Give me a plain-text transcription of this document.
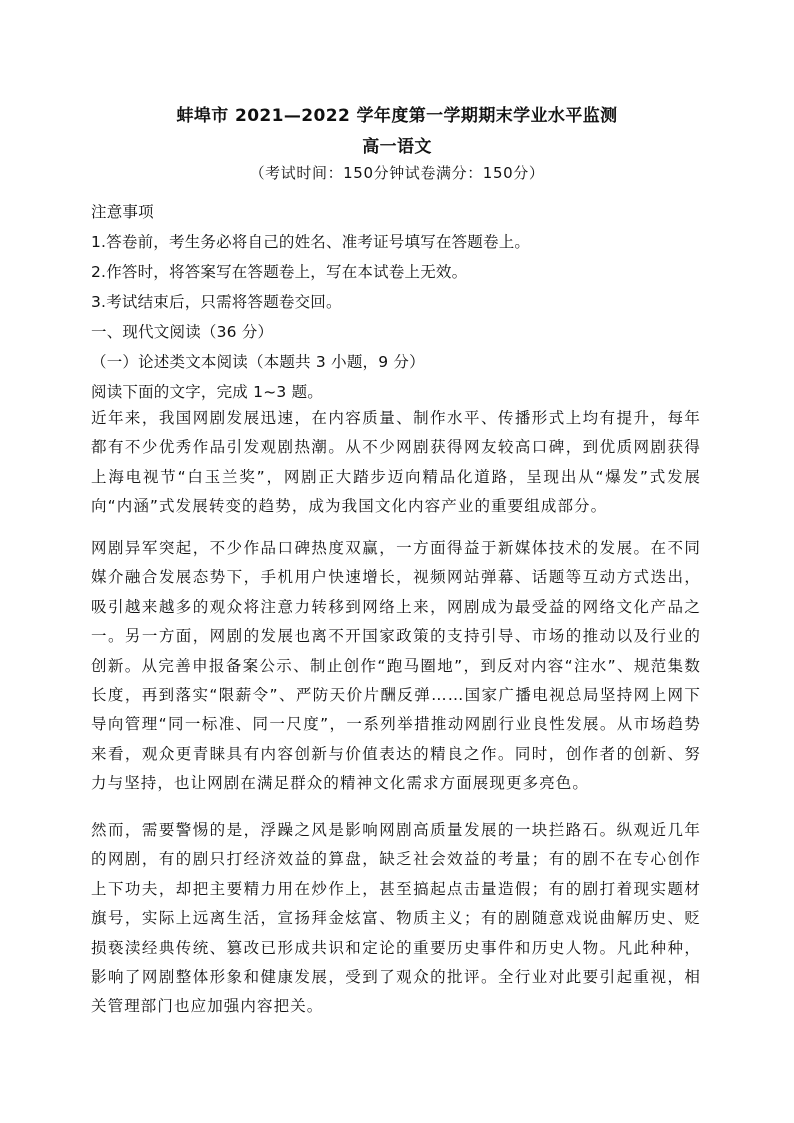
蚌埠市 2021—2022 学年度第一学期期末学业水平监测
高一语文
（考试时间：150分钟试卷满分：150分）
注意事项
1.答卷前，考生务必将自己的姓名、准考证号填写在答题卷上。
2.作答时，将答案写在答题卷上，写在本试卷上无效。
3.考试结束后，只需将答题卷交回。
一、现代文阅读（36 分）
（一）论述类文本阅读（本题共 3 小题，9 分）
阅读下面的文字，完成 1~3 题。
近年来，我国网剧发展迅速，在内容质量、制作水平、传播形式上均有提升，每年都有不少优秀作品引发观剧热潮。从不少网剧获得网友较高口碑，到优质网剧获得上海电视节“白玉兰奖”，网剧正大踏步迈向精品化道路，呈现出从“爆发”式发展向“内涵”式发展转变的趋势，成为我国文化内容产业的重要组成部分。
网剧异军突起，不少作品口碑热度双赢，一方面得益于新媒体技术的发展。在不同媒介融合发展态势下，手机用户快速增长，视频网站弹幕、话题等互动方式迭出，吸引越来越多的观众将注意力转移到网络上来，网剧成为最受益的网络文化产品之一。另一方面，网剧的发展也离不开国家政策的支持引导、市场的推动以及行业的创新。从完善申报备案公示、制止创作“跑马圈地”，到反对内容“注水”、规范集数长度，再到落实“限薪令”、严防天价片酬反弹……国家广播电视总局坚持网上网下导向管理“同一标准、同一尺度”，一系列举措推动网剧行业良性发展。从市场趋势来看，观众更青睐具有内容创新与价值表达的精良之作。同时，创作者的创新、努力与坚持，也让网剧在满足群众的精神文化需求方面展现更多亮色。
然而，需要警惕的是，浮躁之风是影响网剧高质量发展的一块拦路石。纵观近几年的网剧，有的剧只打经济效益的算盘，缺乏社会效益的考量；有的剧不在专心创作上下功夫，却把主要精力用在炒作上，甚至搞起点击量造假；有的剧打着现实题材旗号，实际上远离生活，宣扬拜金炫富、物质主义；有的剧随意戏说曲解历史、贬损亵渎经典传统、篡改已形成共识和定论的重要历史事件和历史人物。凡此种种，影响了网剧整体形象和健康发展，受到了观众的批评。全行业对此要引起重视，相关管理部门也应加强内容把关。
